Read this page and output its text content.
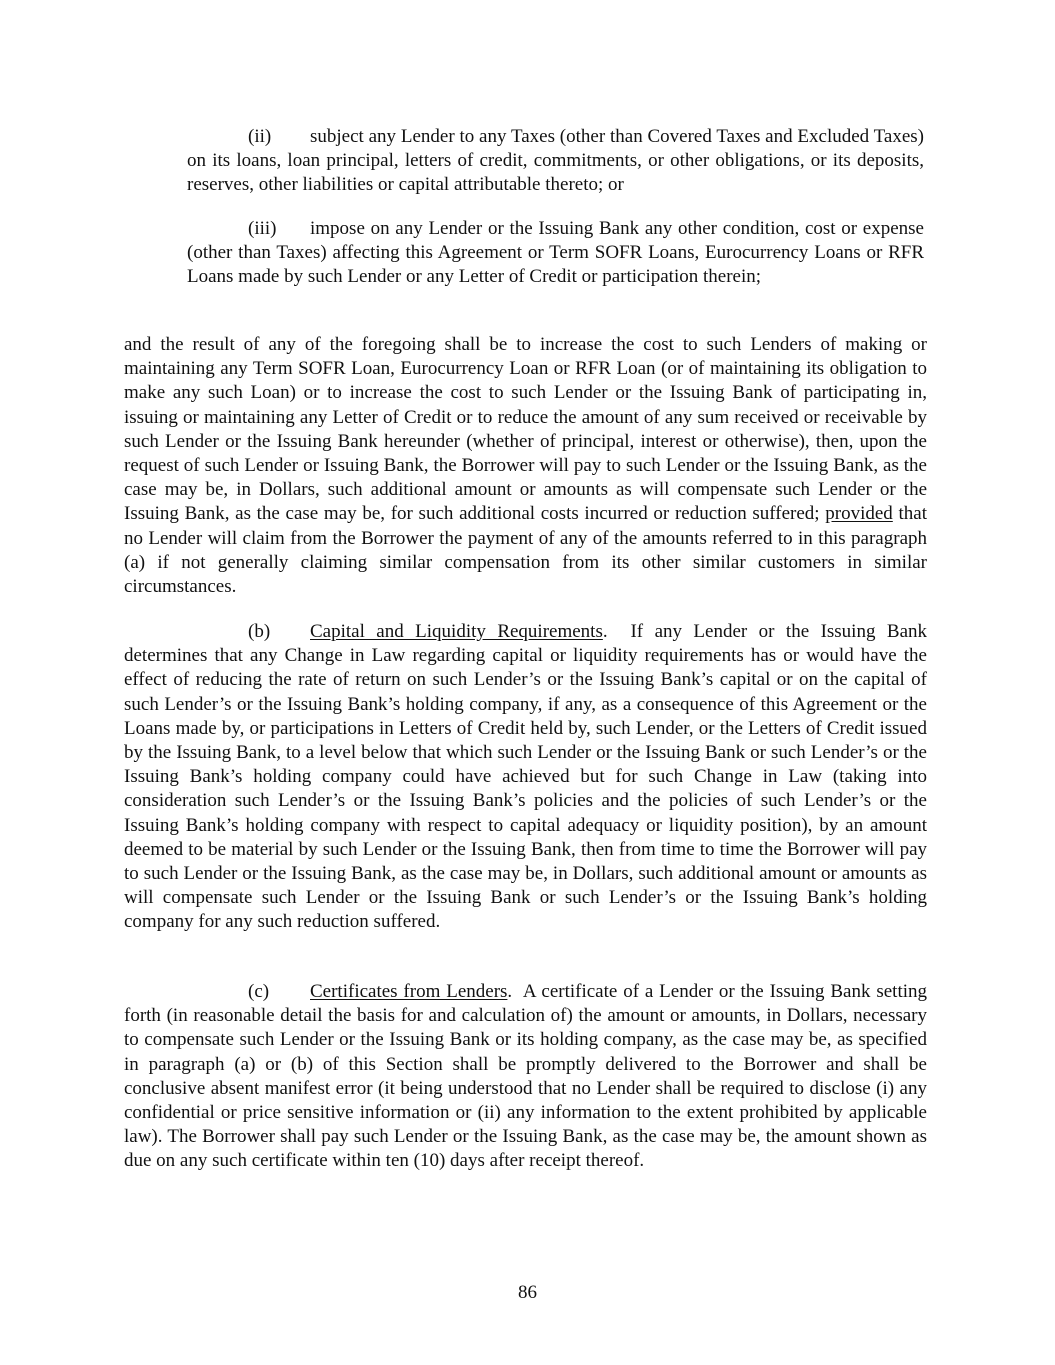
(ii) subject any Lender to any Taxes (other than Covered Taxes and Excluded Taxes) on its loans, loan principal, letters of credit, commitments, or other obligations, or its deposits, reserves, other liabilities or capital attributable thereto; or

(iii) impose on any Lender or the Issuing Bank any other condition, cost or expense (other than Taxes) affecting this Agreement or Term SOFR Loans, Eurocurrency Loans or RFR Loans made by such Lender or any Letter of Credit or participation therein;

and the result of any of the foregoing shall be to increase the cost to such Lenders of making or maintaining any Term SOFR Loan, Eurocurrency Loan or RFR Loan (or of maintaining its obligation to make any such Loan) or to increase the cost to such Lender or the Issuing Bank of participating in, issuing or maintaining any Letter of Credit or to reduce the amount of any sum received or receivable by such Lender or the Issuing Bank hereunder (whether of principal, interest or otherwise), then, upon the request of such Lender or Issuing Bank, the Borrower will pay to such Lender or the Issuing Bank, as the case may be, in Dollars, such additional amount or amounts as will compensate such Lender or the Issuing Bank, as the case may be, for such additional costs incurred or reduction suffered; provided that no Lender will claim from the Borrower the payment of any of the amounts referred to in this paragraph (a) if not generally claiming similar compensation from its other similar customers in similar circumstances.

(b) Capital and Liquidity Requirements.  If any Lender or the Issuing Bank determines that any Change in Law regarding capital or liquidity requirements has or would have the effect of reducing the rate of return on such Lender’s or the Issuing Bank’s capital or on the capital of such Lender’s or the Issuing Bank’s holding company, if any, as a consequence of this Agreement or the Loans made by, or participations in Letters of Credit held by, such Lender, or the Letters of Credit issued by the Issuing Bank, to a level below that which such Lender or the Issuing Bank or such Lender’s or the Issuing Bank’s holding company could have achieved but for such Change in Law (taking into consideration such Lender’s or the Issuing Bank’s policies and the policies of such Lender’s or the Issuing Bank’s holding company with respect to capital adequacy or liquidity position), by an amount deemed to be material by such Lender or the Issuing Bank, then from time to time the Borrower will pay to such Lender or the Issuing Bank, as the case may be, in Dollars, such additional amount or amounts as will compensate such Lender or the Issuing Bank or such Lender’s or the Issuing Bank’s holding company for any such reduction suffered.

(c) Certificates from Lenders.  A certificate of a Lender or the Issuing Bank setting forth (in reasonable detail the basis for and calculation of) the amount or amounts, in Dollars, necessary to compensate such Lender or the Issuing Bank or its holding company, as the case may be, as specified in paragraph (a) or (b) of this Section shall be promptly delivered to the Borrower and shall be conclusive absent manifest error (it being understood that no Lender shall be required to disclose (i) any confidential or price sensitive information or (ii) any information to the extent prohibited by applicable law). The Borrower shall pay such Lender or the Issuing Bank, as the case may be, the amount shown as due on any such certificate within ten (10) days after receipt thereof.

86
